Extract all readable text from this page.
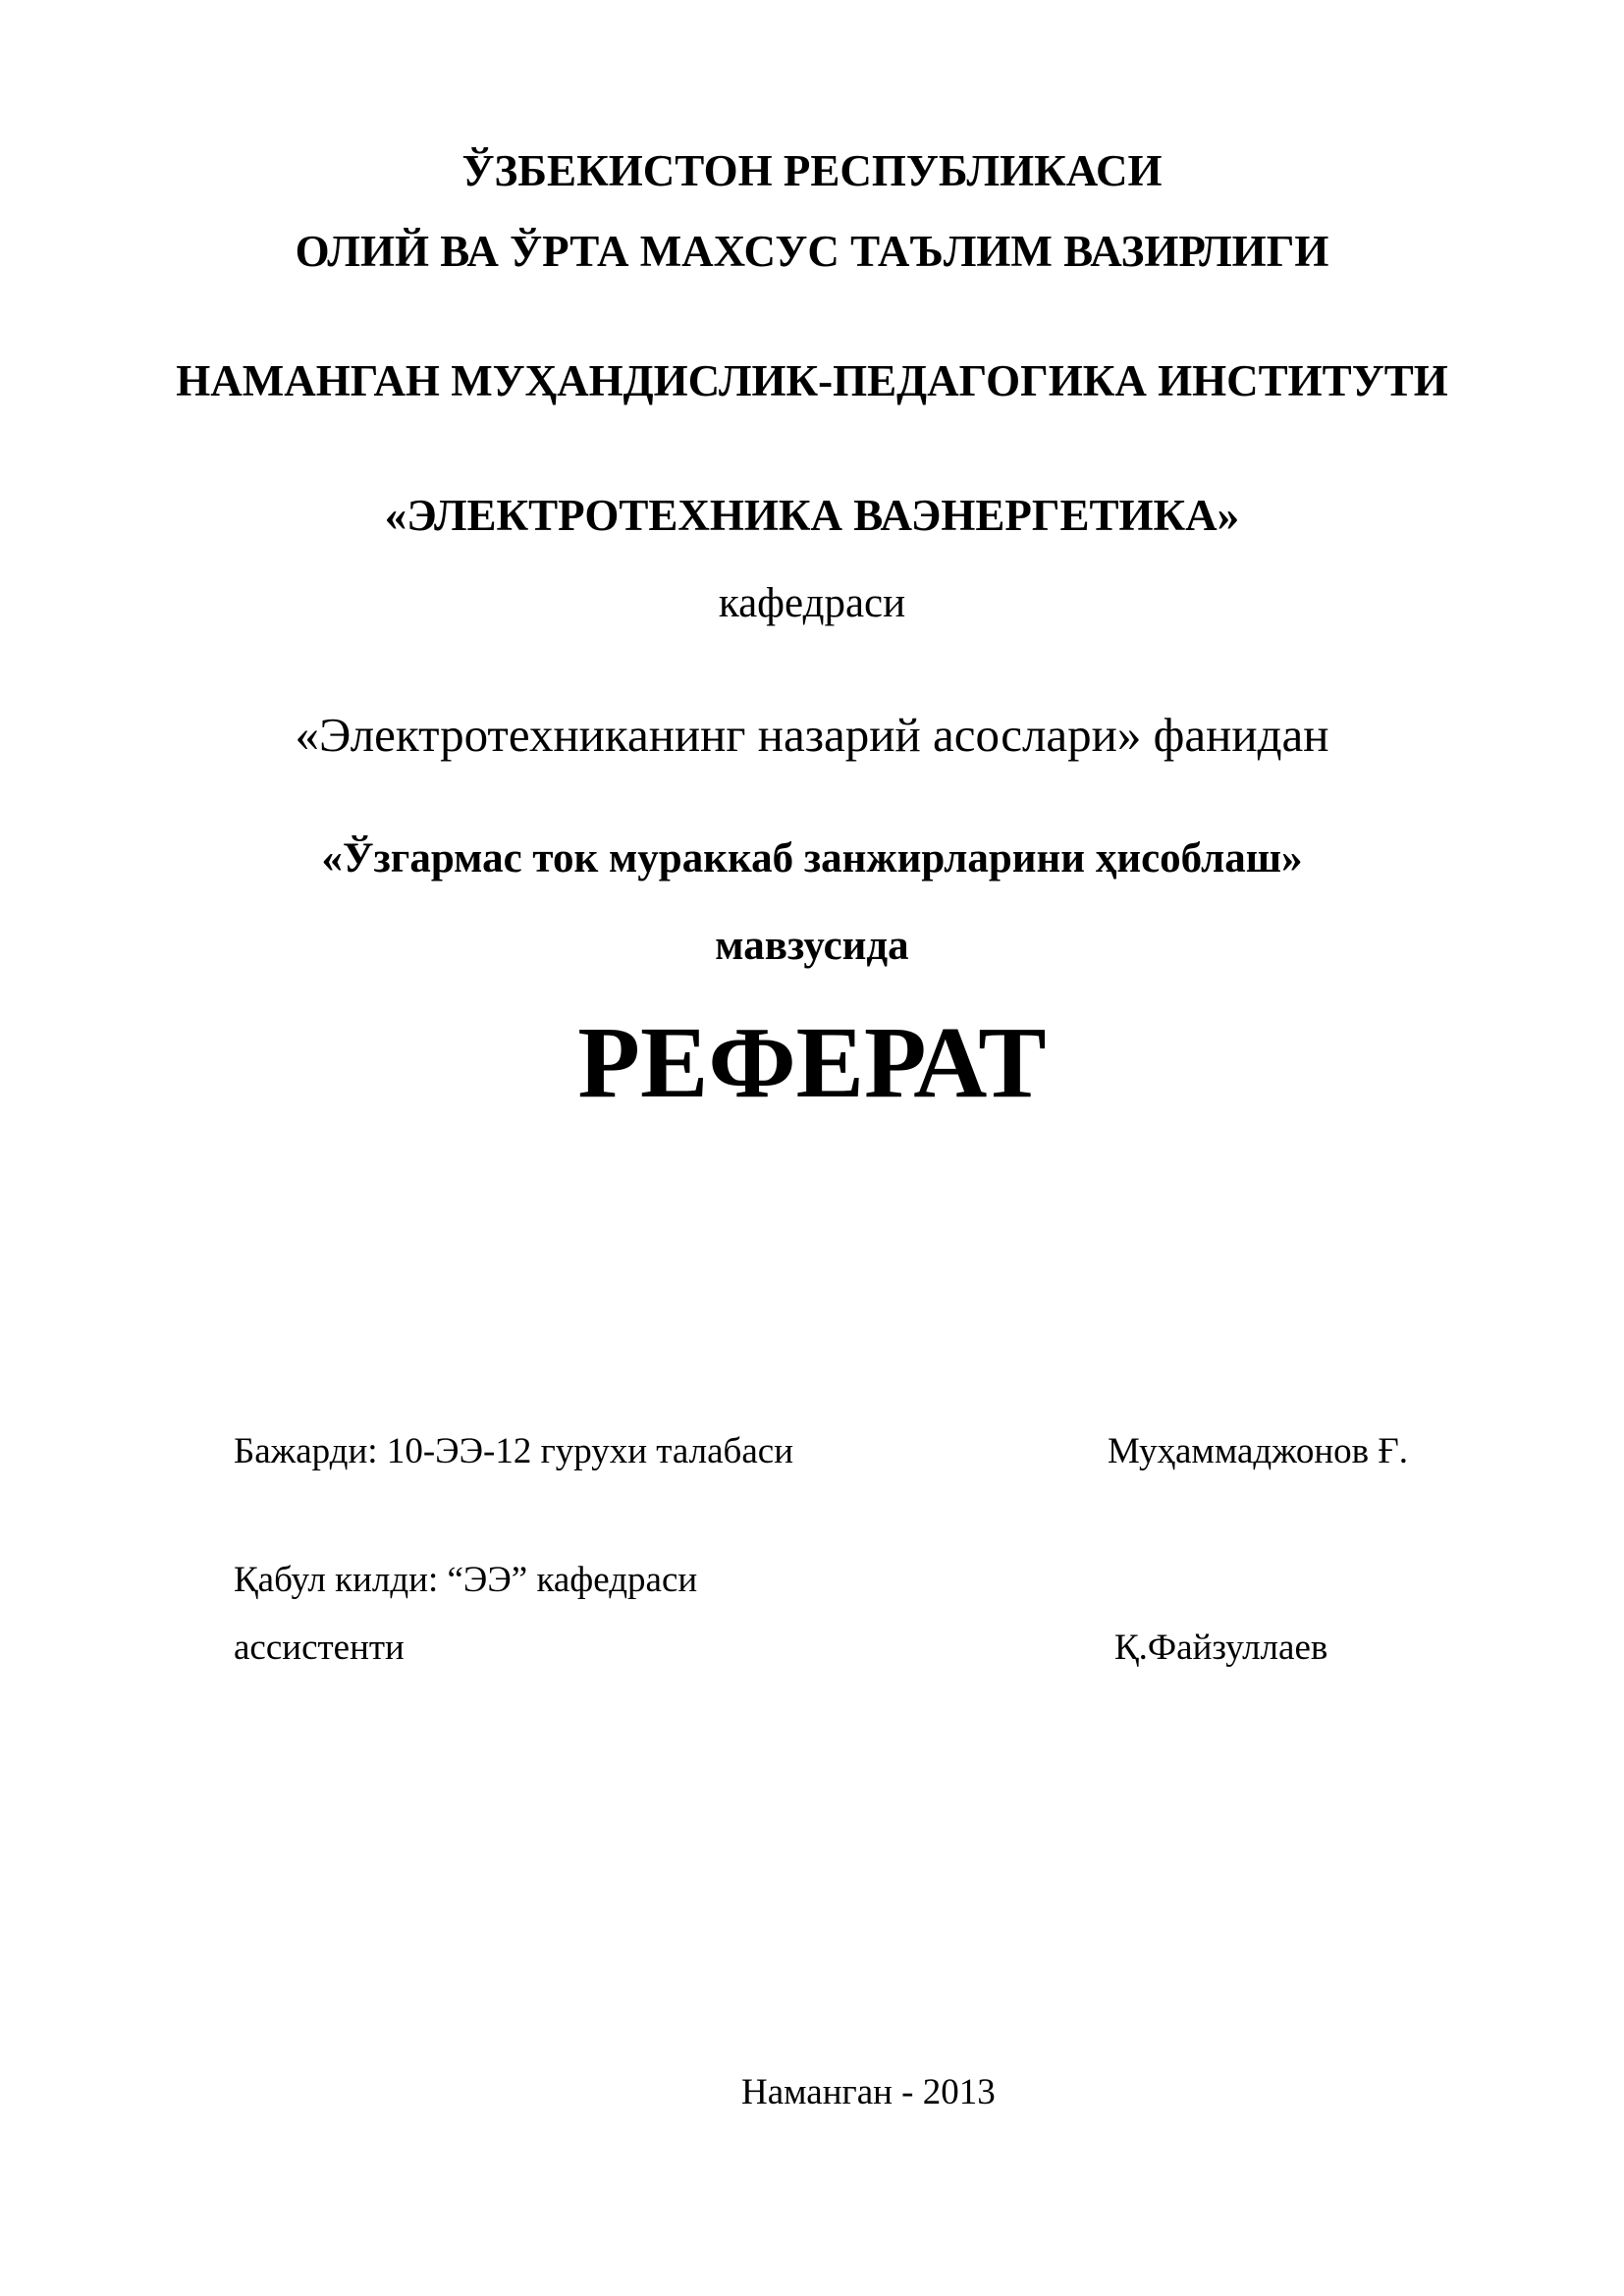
ЎЗБЕКИСТОН РЕСПУБЛИКАСИ
ОЛИЙ ВА ЎРТА МАХСУС ТАЪЛИМ ВАЗИРЛИГИ
НАМАНГАН МУҲАНДИСЛИК-ПЕДАГОГИКА ИНСТИТУТИ
«ЭЛЕКТРОТЕХНИКА ВАЭНЕРГЕТИКА»
кафедраси
«Электротехниканинг назарий асослари» фанидан
«Ўзгармас ток мураккаб занжирларини ҳисоблаш»
мавзусида
РЕФЕРАТ
Бажарди: 10-ЭЭ-12 гурухи талабаси	Муҳаммаджонов Ғ.
Қабул килди: “ЭЭ” кафедраси
ассистенти	Қ.Файзуллаев
Наманган - 2013
